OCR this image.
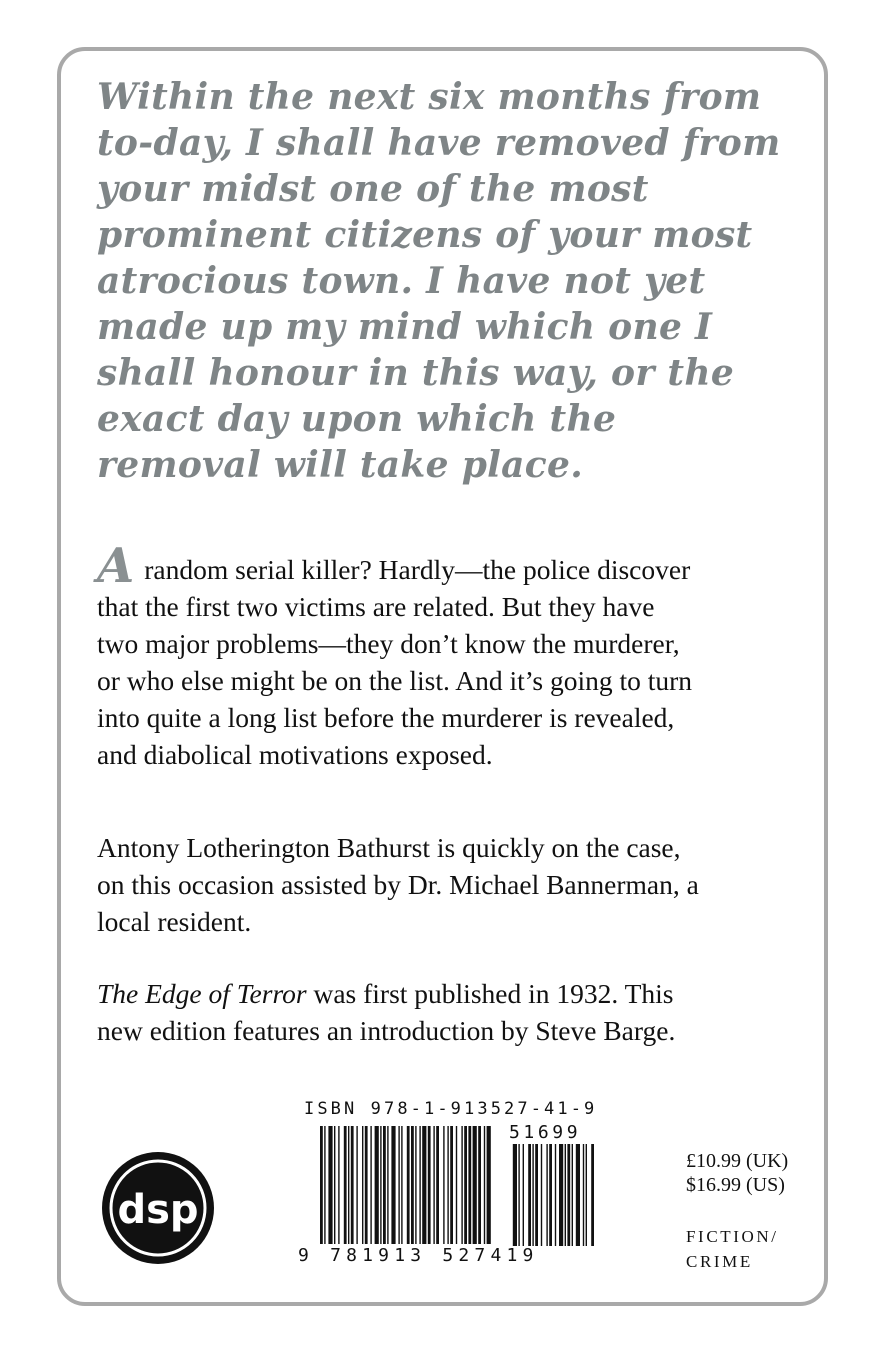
Within the next six months from
to-day, I shall have removed from
your midst one of the most
prominent citizens of your most
atrocious town. I have not yet
made up my mind which one I
shall honour in this way, or the
exact day upon which the
removal will take place.

Arandom serial killer? Hardly—the police discover
that the first two victims are related. But they have
two major problems—they don’t know the murderer,
or who else might be on the list. And it’s going to turn
into quite a long list before the murderer is revealed,
and diabolical motivations exposed.

Antony Lotherington Bathurst is quickly on the case,
on this occasion assisted by Dr. Michael Bannerman, a
local resident.

The Edge of Terror was first published in 1932. This
new edition features an introduction by Steve Barge.

dsp

ISBN 978-1-913527-41-9

51699

9 781913 527419

£10.99 (UK)
$16.99 (US)

FICTION/
CRIME
